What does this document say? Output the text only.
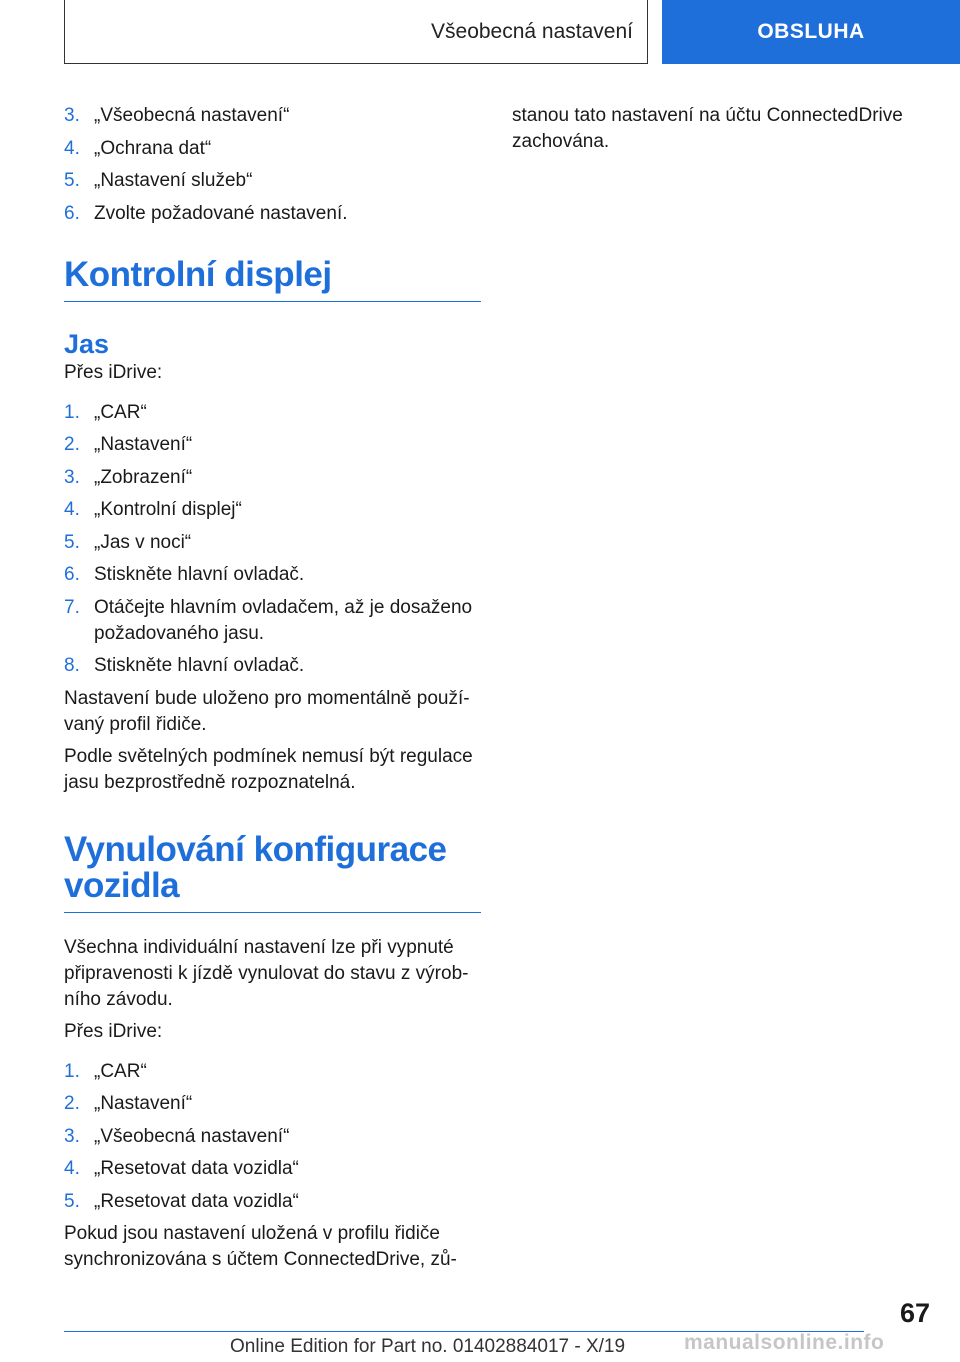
Všeobecná nastavení	OBSLUHA
3. „Všeobecná nastavení“
4. „Ochrana dat“
5. „Nastavení služeb“
6. Zvolte požadované nastavení.
Kontrolní displej
Jas

Přes iDrive:

1. „CAR“
2. „Nastavení“
3. „Zobrazení“
4. „Kontrolní displej“
5. „Jas v noci“
6. Stiskněte hlavní ovladač.
7. Otáčejte hlavním ovladačem, až je dosaženo požadovaného jasu.
8. Stiskněte hlavní ovladač.

Nastavení bude uloženo pro momentálně použí-vaný profil řidiče.

Podle světelných podmínek nemusí být regulace jasu bezprostředně rozpoznatelná.

Vynulování konfigurace vozidla

Všechna individuální nastavení lze při vypnuté připravenosti k jízdě vynulovat do stavu z výrob-ního závodu.

Přes iDrive:

1. „CAR“
2. „Nastavení“
3. „Všeobecná nastavení“
4. „Resetovat data vozidla“
5. „Resetovat data vozidla“

Pokud jsou nastavení uložená v profilu řidiče synchronizována s účtem ConnectedDrive, zů-

stanou tato nastavení na účtu ConnectedDrive zachována.

67
Online Edition for Part no. 01402884017 - X/19	manualsonline.info
